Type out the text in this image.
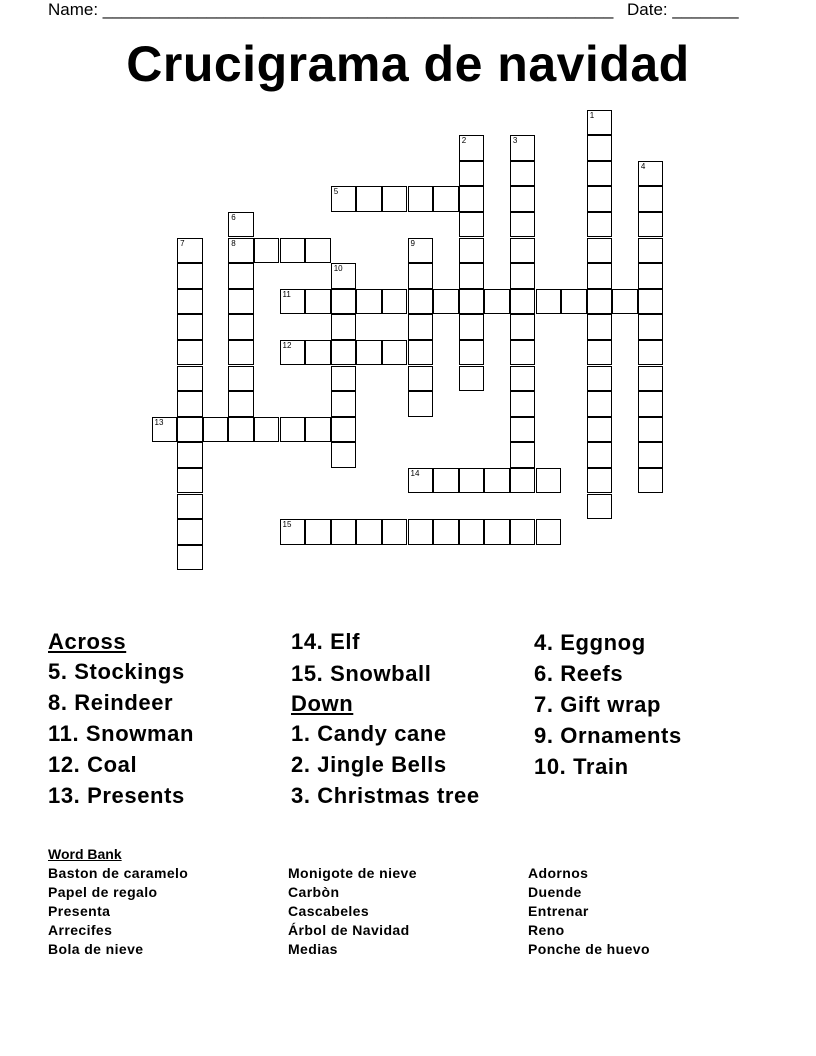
Name: ______________________________________________________ Date: _______
Crucigrama de navidad
1
2	3
4
5
6
8
7	9
10
11
12
13
14
15
Across
5. Stockings
8. Reindeer
11. Snowman
12. Coal
13. Presents
14. Elf
15. Snowball
Down
1. Candy cane
2. Jingle Bells
3. Christmas tree
4. Eggnog
6. Reefs
7. Gift wrap
9. Ornaments
10. Train
Word Bank
Baston de caramelo
Papel de regalo
Presenta
Arrecifes
Bola de nieve
Monigote de nieve
Carbòn
Cascabeles
Árbol de Navidad
Medias
Adornos
Duende
Entrenar
Reno
Ponche de huevo
